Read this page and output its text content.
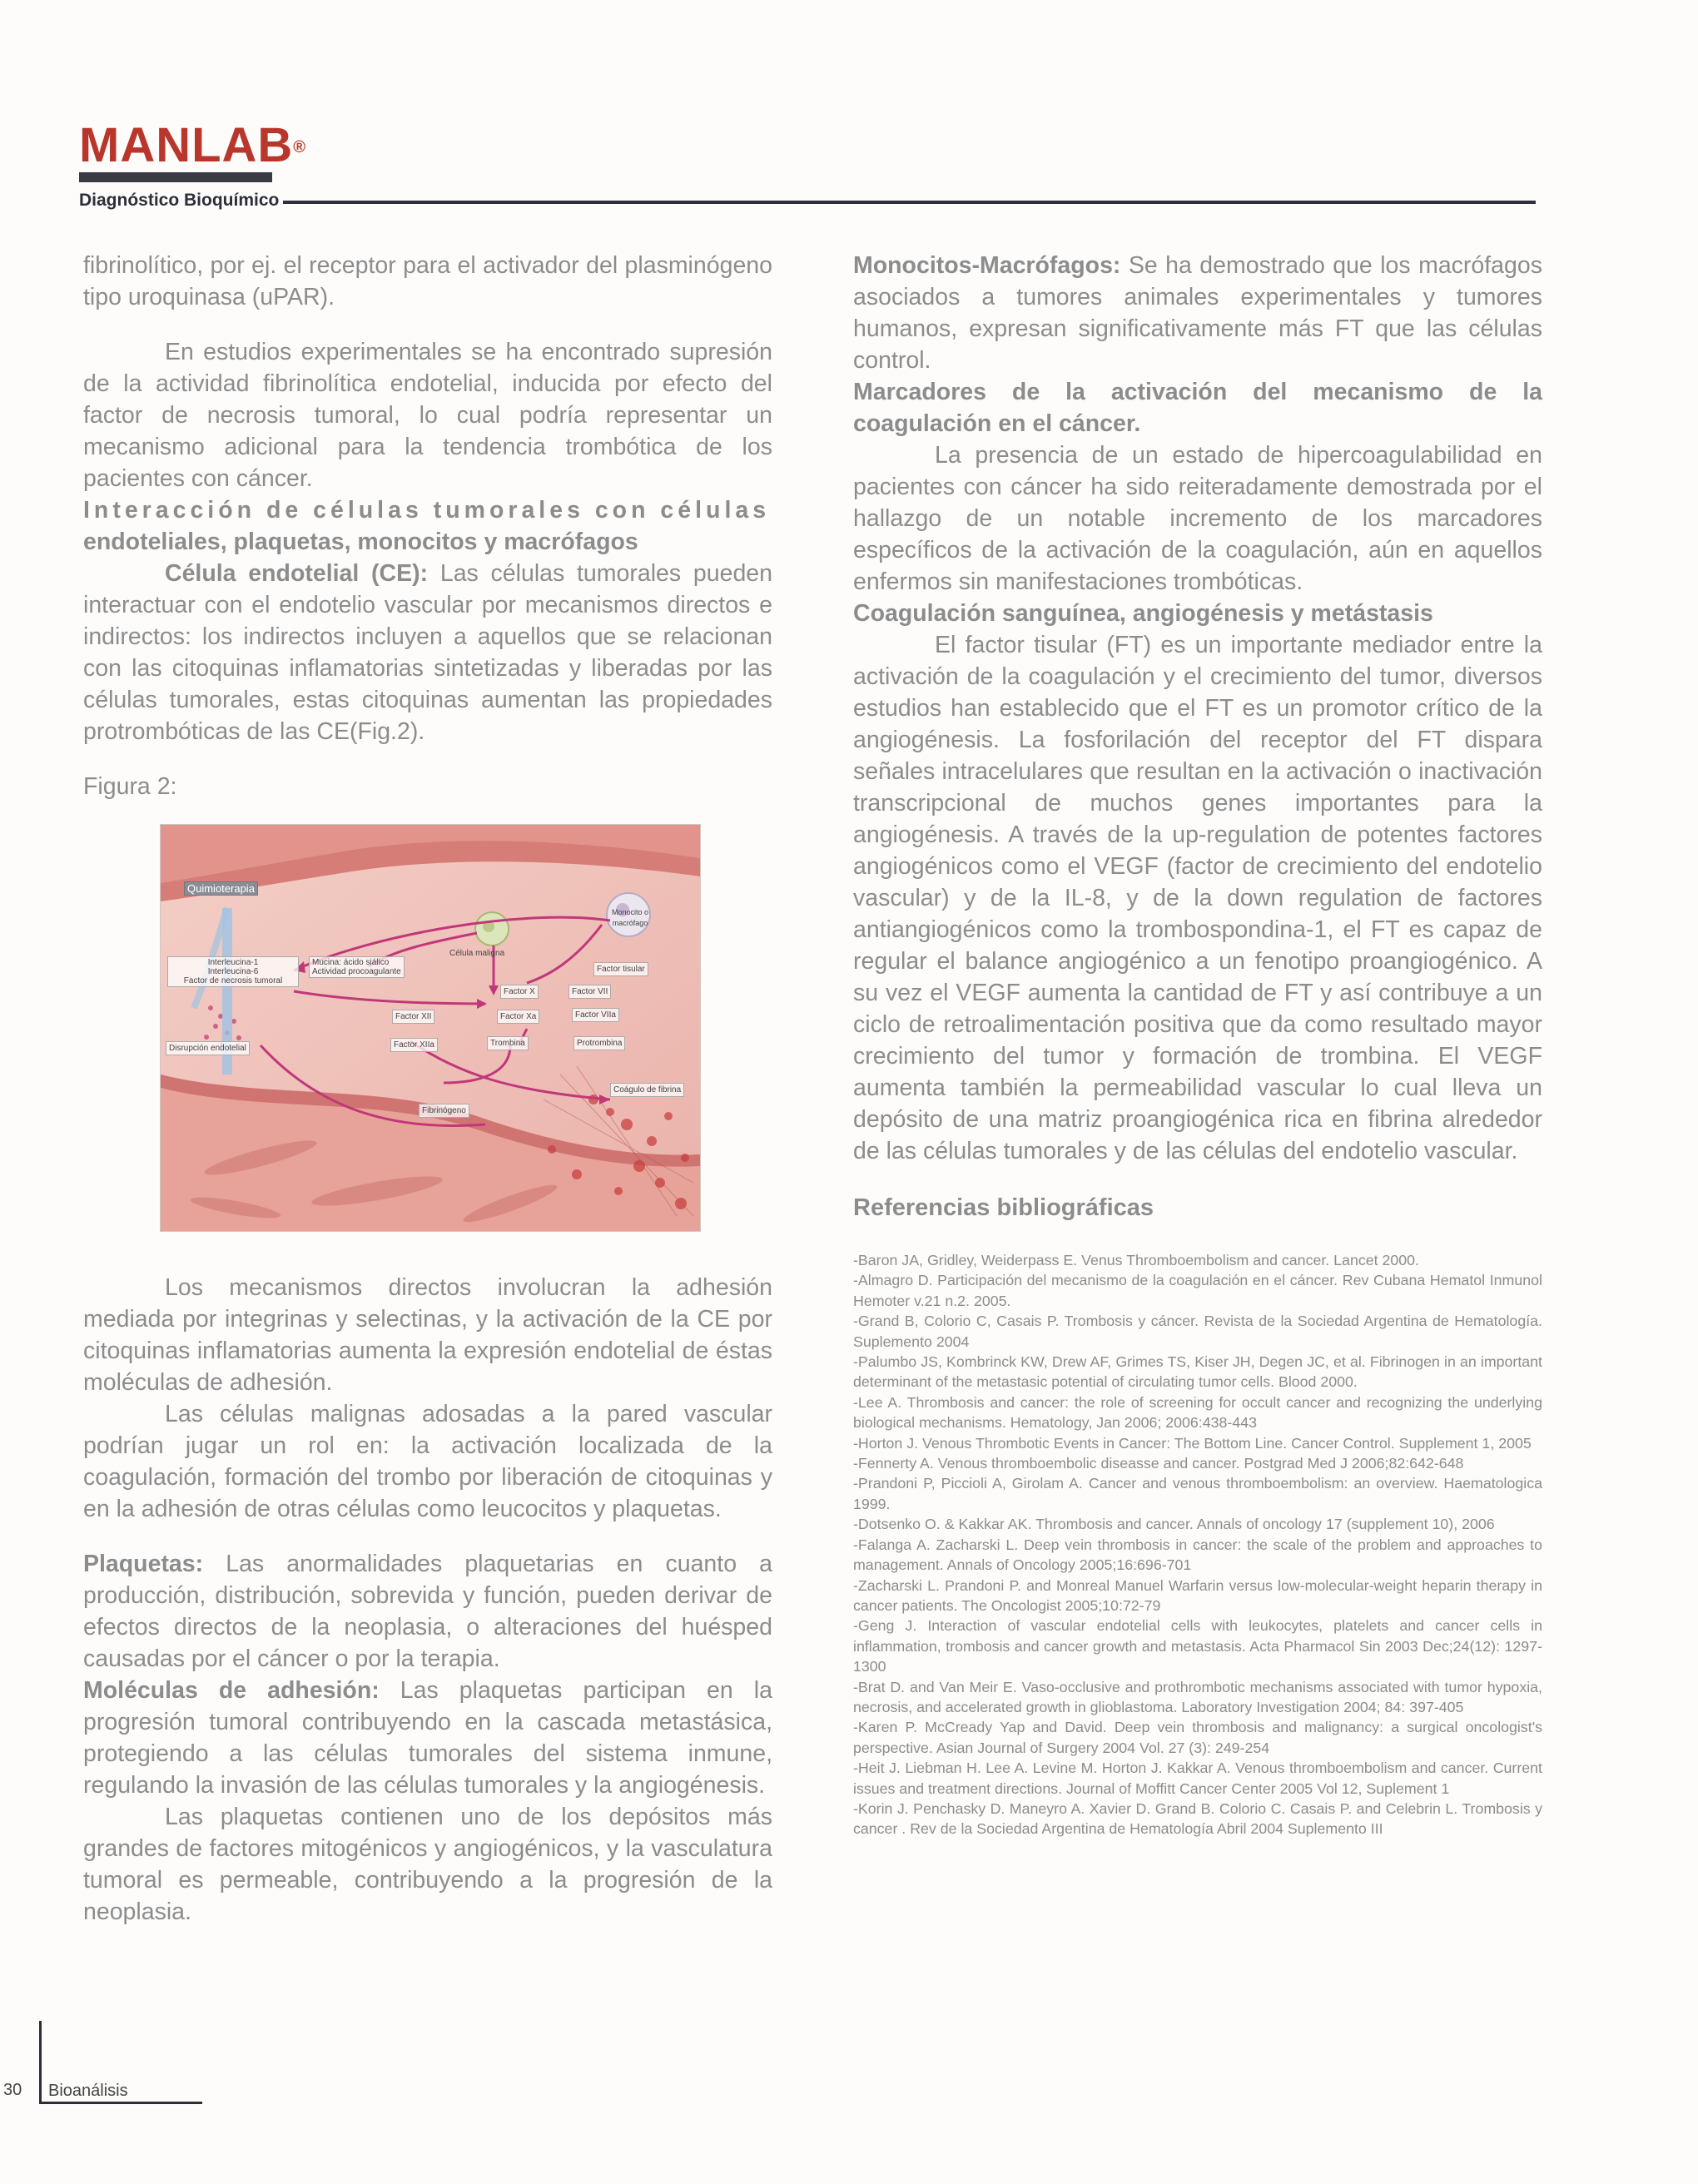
MANLAB®
Diagnóstico Bioquímico

fibrinolítico, por ej. el receptor para el activador del plasminógeno tipo uroquinasa (uPAR).

En estudios experimentales se ha encontrado supresión de la actividad fibrinolítica endotelial, inducida por efecto del factor de necrosis tumoral, lo cual podría representar un mecanismo adicional para la tendencia trombótica de los pacientes con cáncer.

Interacción de células tumorales con células

endoteliales, plaquetas, monocitos y macrófagos

Célula endotelial (CE): Las células tumorales pueden interactuar con el endotelio vascular por mecanismos directos e indirectos: los indirectos incluyen a aquellos que se relacionan con las citoquinas inflamatorias sintetizadas y liberadas por las células tumorales, estas citoquinas aumentan las propiedades protrombóticas de las CE(Fig.2).

Figura 2:

Quimioterapia
Monocito o macrófago
Célula maligna
Interleucina-1
Interleucina-6
Factor de necrosis tumoral
Mucina: ácido siálico
Actividad procoagulante	Factor tisular
Factor X	Factor VII
Factor XII	Factor Xa	Factor VIIa
Disrupción endotelial	Factor XIIa	Trombina	Protrombina
Coágulo de fibrina
Fibrinógeno

Los mecanismos directos involucran la adhesión mediada por integrinas y selectinas, y la activación de la CE por citoquinas inflamatorias aumenta la expresión endotelial de éstas moléculas de adhesión.

Las células malignas adosadas a la pared vascular podrían jugar un rol en: la activación localizada de la coagulación, formación del trombo por liberación de citoquinas y en la adhesión de otras células como leucocitos y plaquetas.

Plaquetas: Las anormalidades plaquetarias en cuanto a producción, distribución, sobrevida y función, pueden derivar de efectos directos de la neoplasia, o alteraciones del huésped causadas por el cáncer o por la terapia.

Moléculas de adhesión: Las plaquetas participan en la progresión tumoral contribuyendo en la cascada metastásica, protegiendo a las células tumorales del sistema inmune, regulando la invasión de las células tumorales y la angiogénesis.

Las plaquetas contienen uno de los depósitos más grandes de factores mitogénicos y angiogénicos, y la vasculatura tumoral es permeable, contribuyendo a la progresión de la neoplasia.

Monocitos-Macrófagos: Se ha demostrado que los macrófagos asociados a tumores animales experimentales y tumores humanos, expresan significativamente más FT que las células control.

Marcadores de la activación del mecanismo de la coagulación en el cáncer.

La presencia de un estado de hipercoagulabilidad en pacientes con cáncer ha sido reiteradamente demostrada por el hallazgo de un notable incremento de los marcadores específicos de la activación de la coagulación, aún en aquellos enfermos sin manifestaciones trombóticas.

Coagulación sanguínea, angiogénesis y metástasis

El factor tisular (FT) es un importante mediador entre la activación de la coagulación y el crecimiento del tumor, diversos estudios han establecido que el FT es un promotor crítico de la angiogénesis. La fosforilación del receptor del FT dispara señales intracelulares que resultan en la activación o inactivación transcripcional de muchos genes importantes para la angiogénesis. A través de la up-regulation de potentes factores angiogénicos como el VEGF (factor de crecimiento del endotelio vascular) y de la IL-8, y de la down regulation de factores antiangiogénicos como la trombospondina-1, el FT es capaz de regular el balance angiogénico a un fenotipo proangiogénico. A su vez el VEGF aumenta la cantidad de FT y así contribuye a un ciclo de retroalimentación positiva que da como resultado mayor crecimiento del tumor y formación de trombina. El VEGF aumenta también la permeabilidad vascular lo cual lleva un depósito de una matriz proangiogénica rica en fibrina alrededor de las células tumorales y de las células del endotelio vascular.

Referencias bibliográficas

-Baron JA, Gridley, Weiderpass E. Venus Thromboembolism and cancer. Lancet 2000.

-Almagro D. Participación del mecanismo de la coagulación en el cáncer. Rev Cubana Hematol Inmunol Hemoter v.21 n.2. 2005.

-Grand B, Colorio C, Casais P. Trombosis y cáncer. Revista de la Sociedad Argentina de Hematología. Suplemento 2004

-Palumbo JS, Kombrinck KW, Drew AF, Grimes TS, Kiser JH, Degen JC, et al. Fibrinogen in an important determinant of the metastasic potential of circulating tumor cells. Blood 2000.

-Lee A. Thrombosis and cancer: the role of screening for occult cancer and recognizing the underlying biological mechanisms. Hematology, Jan 2006; 2006:438-443

-Horton J. Venous Thrombotic Events in Cancer: The Bottom Line. Cancer Control. Supplement 1, 2005

-Fennerty A. Venous thromboembolic diseasse and cancer. Postgrad Med J 2006;82:642-648

-Prandoni P, Piccioli A, Girolam A. Cancer and venous thromboembolism: an overview. Haematologica 1999.

-Dotsenko O. & Kakkar AK. Thrombosis and cancer. Annals of oncology 17 (supplement 10), 2006

-Falanga A. Zacharski L. Deep vein thrombosis in cancer: the scale of the problem and approaches to management. Annals of Oncology 2005;16:696-701

-Zacharski L. Prandoni P. and Monreal Manuel Warfarin versus low-molecular-weight heparin therapy in cancer patients. The Oncologist 2005;10:72-79

-Geng J. Interaction of vascular endotelial cells with leukocytes, platelets and cancer cells in inflammation, trombosis and cancer growth and metastasis. Acta Pharmacol Sin 2003 Dec;24(12): 1297-1300

-Brat D. and Van Meir E. Vaso-occlusive and prothrombotic mechanisms associated with tumor hypoxia, necrosis, and accelerated growth in glioblastoma. Laboratory Investigation 2004; 84: 397-405

-Karen P. McCready Yap and David. Deep vein thrombosis and malignancy: a surgical oncologist's perspective. Asian Journal of Surgery 2004 Vol. 27 (3): 249-254

-Heit J. Liebman H. Lee A. Levine M. Horton J. Kakkar A. Venous thromboembolism and cancer. Current issues and treatment directions. Journal of Moffitt Cancer Center 2005 Vol 12, Suplement 1

-Korin J. Penchasky D. Maneyro A. Xavier D. Grand B. Colorio C. Casais P. and Celebrin L. Trombosis y cancer . Rev de la Sociedad Argentina de Hematología Abril 2004 Suplemento III

30 Bioanálisis
